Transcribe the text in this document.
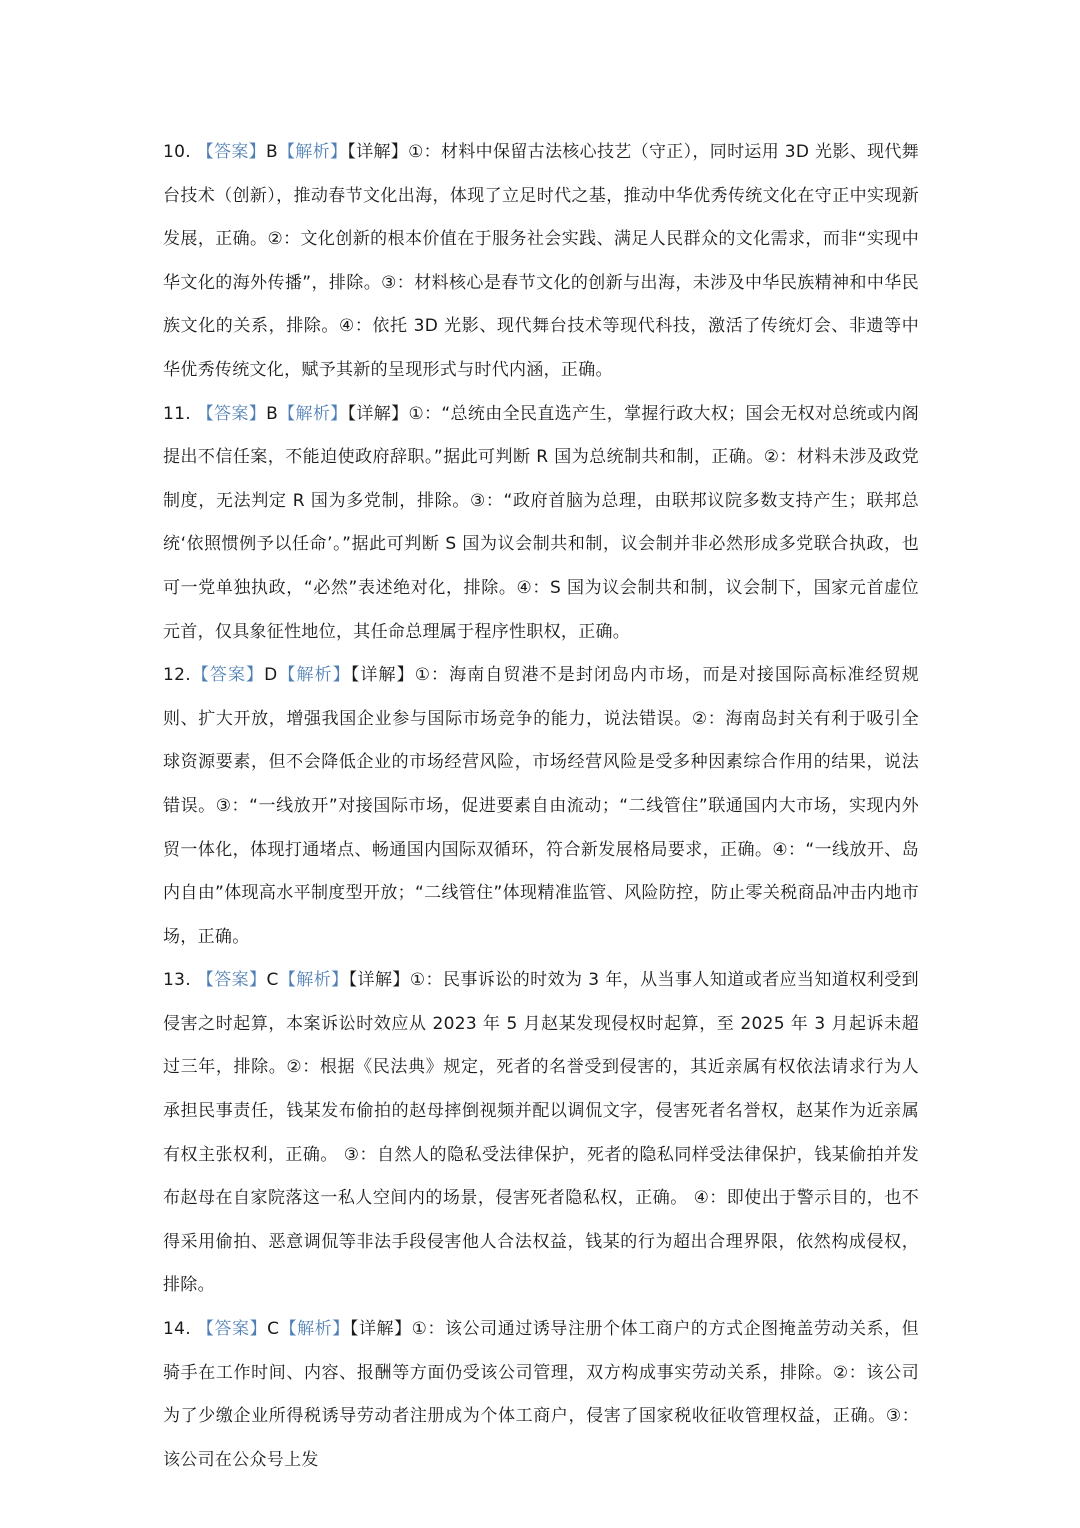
10. 【答案】B【解析】【详解】①：材料中保留古法核心技艺（守正），同时运用 3D 光影、现代舞台技术（创新），推动春节文化出海，体现了立足时代之基，推动中华优秀传统文化在守正中实现新发展，正确。②：文化创新的根本价值在于服务社会实践、满足人民群众的文化需求，而非“实现中华文化的海外传播”，排除。③：材料核心是春节文化的创新与出海，未涉及中华民族精神和中华民族文化的关系，排除。④：依托 3D 光影、现代舞台技术等现代科技，激活了传统灯会、非遗等中华优秀传统文化，赋予其新的呈现形式与时代内涵，正确。

11. 【答案】B【解析】【详解】①：“总统由全民直选产生，掌握行政大权；国会无权对总统或内阁提出不信任案，不能迫使政府辞职。”据此可判断 R 国为总统制共和制，正确。②：材料未涉及政党制度，无法判定 R 国为多党制，排除。③：“政府首脑为总理，由联邦议院多数支持产生；联邦总统‘依照惯例予以任命’。”据此可判断 S 国为议会制共和制，议会制并非必然形成多党联合执政，也可一党单独执政，“必然”表述绝对化，排除。④：S 国为议会制共和制，议会制下，国家元首虚位元首，仅具象征性地位，其任命总理属于程序性职权，正确。

12.【答案】D【解析】【详解】①：海南自贸港不是封闭岛内市场，而是对接国际高标准经贸规则、扩大开放，增强我国企业参与国际市场竞争的能力，说法错误。②：海南岛封关有利于吸引全球资源要素，但不会降低企业的市场经营风险，市场经营风险是受多种因素综合作用的结果，说法错误。③：“一线放开”对接国际市场，促进要素自由流动；“二线管住”联通国内大市场，实现内外贸一体化，体现打通堵点、畅通国内国际双循环，符合新发展格局要求，正确。④：“一线放开、岛内自由”体现高水平制度型开放；“二线管住”体现精准监管、风险防控，防止零关税商品冲击内地市场，正确。

13. 【答案】C【解析】【详解】①：民事诉讼的时效为 3 年，从当事人知道或者应当知道权利受到侵害之时起算，本案诉讼时效应从 2023 年 5 月赵某发现侵权时起算，至 2025 年 3 月起诉未超过三年，排除。②：根据《民法典》规定，死者的名誉受到侵害的，其近亲属有权依法请求行为人承担民事责任，钱某发布偷拍的赵母摔倒视频并配以调侃文字，侵害死者名誉权，赵某作为近亲属有权主张权利，正确。 ③：自然人的隐私受法律保护，死者的隐私同样受法律保护，钱某偷拍并发布赵母在自家院落这一私人空间内的场景，侵害死者隐私权，正确。 ④：即使出于警示目的，也不得采用偷拍、恶意调侃等非法手段侵害他人合法权益，钱某的行为超出合理界限，依然构成侵权，排除。

14. 【答案】C【解析】【详解】①：该公司通过诱导注册个体工商户的方式企图掩盖劳动关系，但骑手在工作时间、内容、报酬等方面仍受该公司管理，双方构成事实劳动关系，排除。②：该公司为了少缴企业所得税诱导劳动者注册成为个体工商户，侵害了国家税收征收管理权益，正确。③：该公司在公众号上发
